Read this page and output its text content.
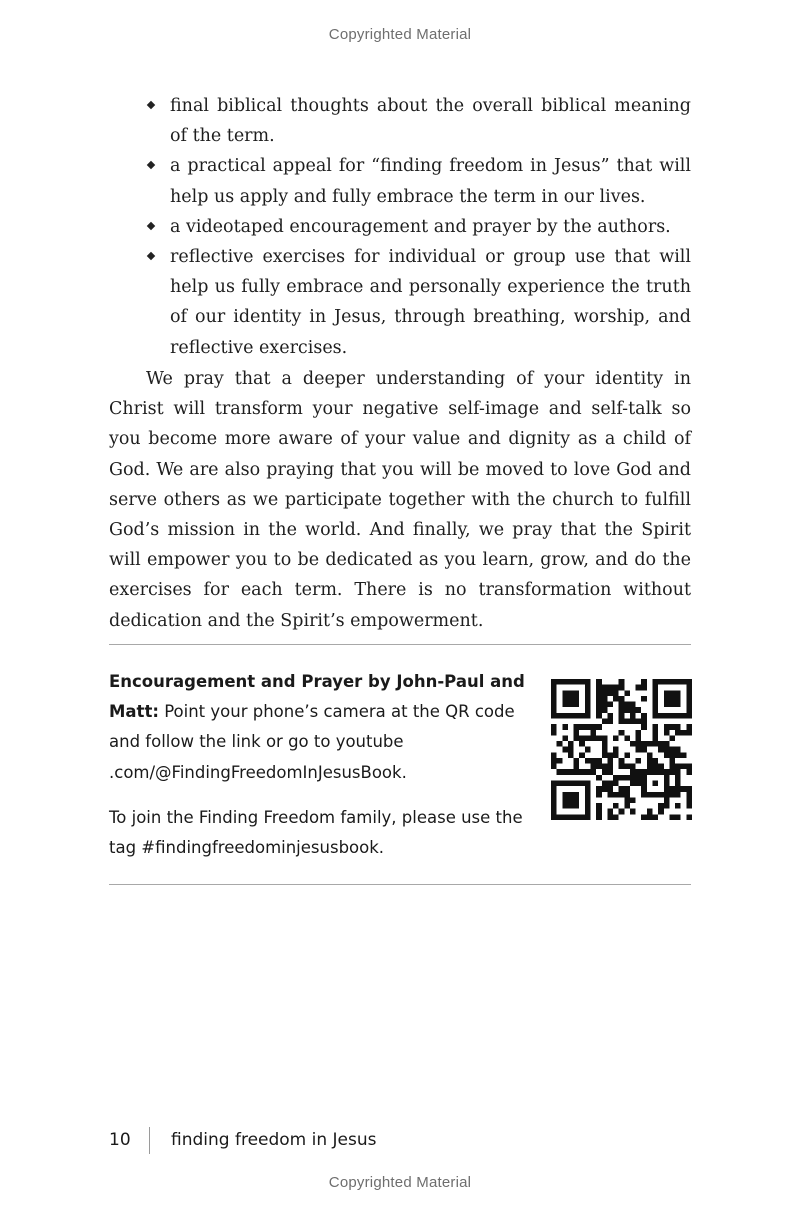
Copyrighted Material
final biblical thoughts about the overall biblical meaning of the term.
a practical appeal for “finding freedom in Jesus” that will help us apply and fully embrace the term in our lives.
a videotaped encouragement and prayer by the authors.
reflective exercises for individual or group use that will help us fully embrace and personally experience the truth of our identity in Jesus, through breathing, worship, and reflective exercises.

We pray that a deeper understanding of your identity in Christ will transform your negative self-image and self-talk so you become more aware of your value and dignity as a child of God. We are also praying that you will be moved to love God and serve others as we participate together with the church to fulfill God’s mission in the world. And finally, we pray that the Spirit will empower you to be dedicated as you learn, grow, and do the exercises for each term. There is no transformation without dedication and the Spirit’s empowerment.

Encouragement and Prayer by John-Paul and Matt: Point your phone’s camera at the QR code and follow the link or go to youtube .com/@FindingFreedomInJesusBook.

To join the Finding Freedom family, please use the tag #findingfreedominjesusbook.

10	finding freedom in Jesus
Copyrighted Material
